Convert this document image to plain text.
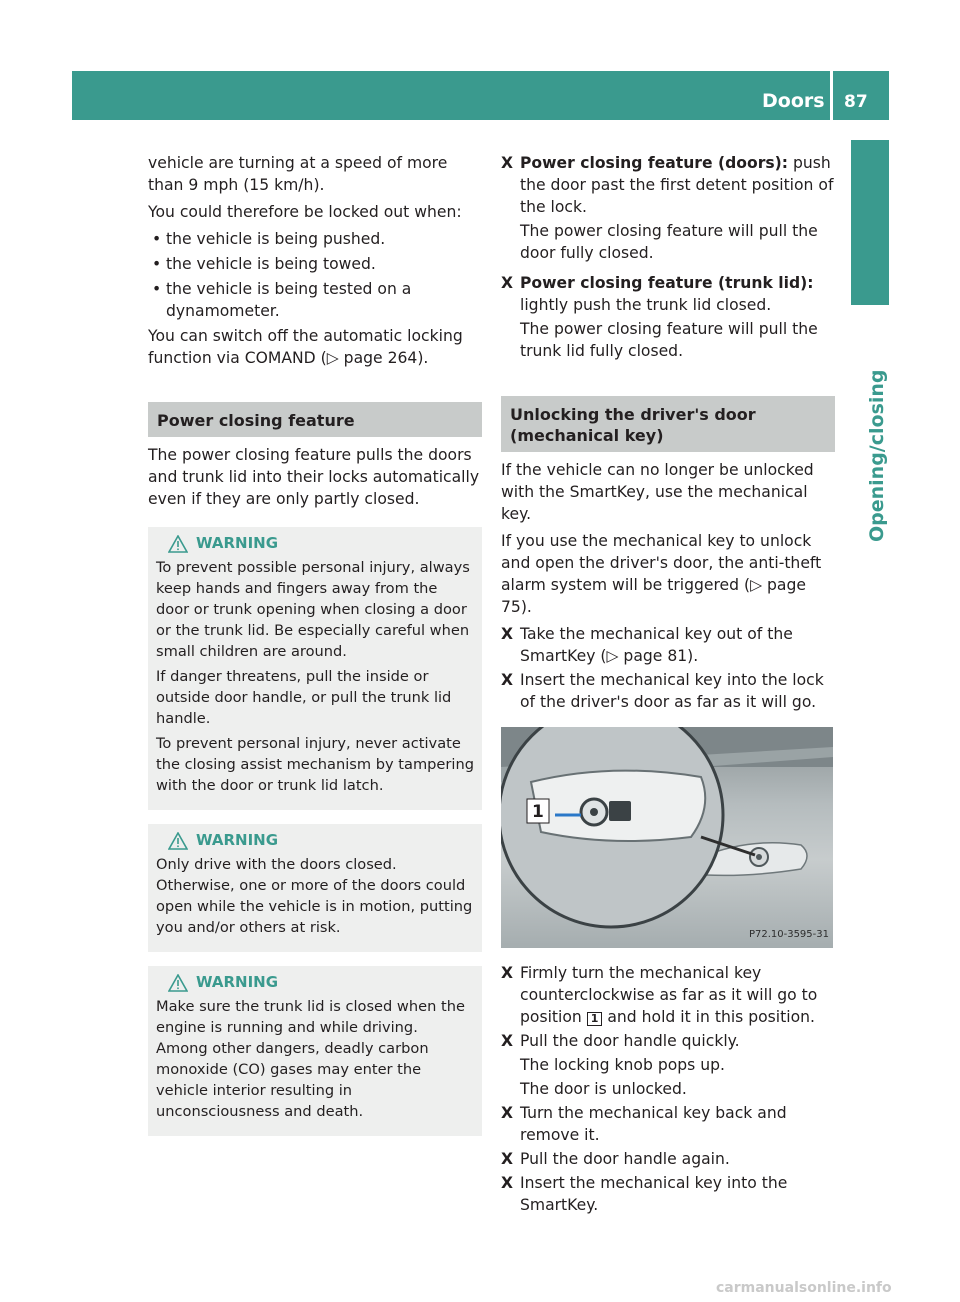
Doors 87
Opening/closing

vehicle are turning at a speed of more than 9 mph (15 km/h).

You could therefore be locked out when:

• the vehicle is being pushed.
• the vehicle is being towed.
• the vehicle is being tested on a dynamometer.

You can switch off the automatic locking function via COMAND (▷ page 264).

Power closing feature

The power closing feature pulls the doors and trunk lid into their locks automatically even if they are only partly closed.

WARNING

To prevent possible personal injury, always keep hands and fingers away from the door or trunk opening when closing a door or the trunk lid. Be especially careful when small children are around.

If danger threatens, pull the inside or outside door handle, or pull the trunk lid handle.

To prevent personal injury, never activate the closing assist mechanism by tampering with the door or trunk lid latch.

WARNING

Only drive with the doors closed. Otherwise, one or more of the doors could open while the vehicle is in motion, putting you and/or others at risk.

WARNING

Make sure the trunk lid is closed when the engine is running and while driving. Among other dangers, deadly carbon monoxide (CO) gases may enter the vehicle interior resulting in unconsciousness and death.

X Power closing feature (doors): push the door past the first detent position of the lock.
The power closing feature will pull the door fully closed.
X Power closing feature (trunk lid): lightly push the trunk lid closed.
The power closing feature will pull the trunk lid fully closed.
Unlocking the driver's door (mechanical key)

If the vehicle can no longer be unlocked with the SmartKey, use the mechanical key.

If you use the mechanical key to unlock and open the driver's door, the anti-theft alarm system will be triggered (▷ page 75).

X Take the mechanical key out of the SmartKey (▷ page 81).
X Insert the mechanical key into the lock of the driver's door as far as it will go.
1
P72.10-3595-31
X Firmly turn the mechanical key counterclockwise as far as it will go to position 1 and hold it in this position.
X Pull the door handle quickly.
The locking knob pops up.
The door is unlocked.
X Turn the mechanical key back and remove it.
X Pull the door handle again.
X Insert the mechanical key into the SmartKey.
carmanualsonline.info
